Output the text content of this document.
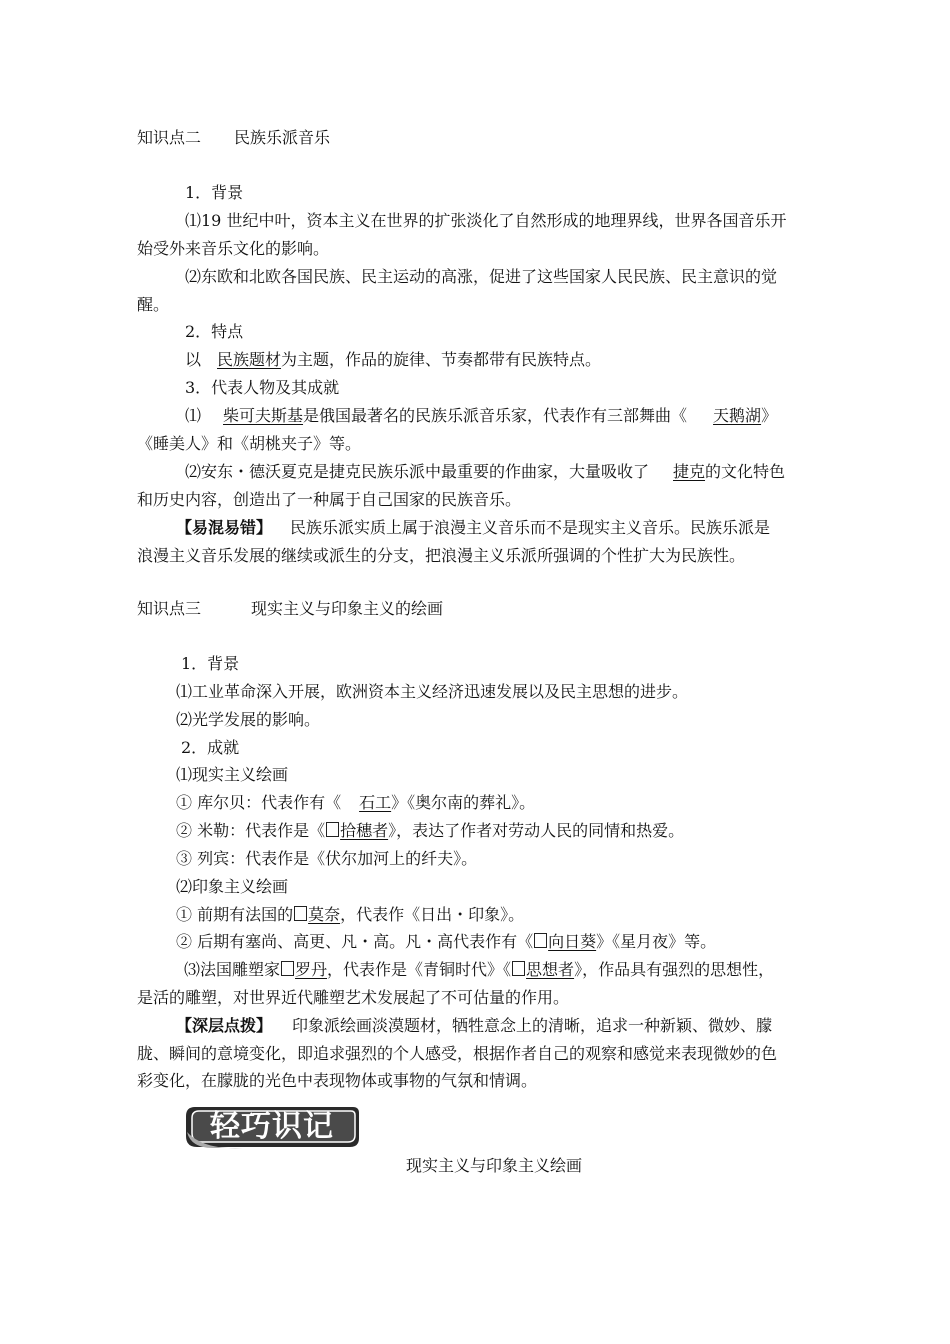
知识点二 民族乐派音乐
1．背景
⑴19 世纪中叶，资本主义在世界的扩张淡化了自然形成的地理界线，世界各国音乐开
始受外来音乐文化的影响。
⑵东欧和北欧各国民族、民主运动的高涨，促进了这些国家人民民族、民主意识的觉
醒。
2．特点
以 民族题材为主题，作品的旋律、节奏都带有民族特点。
3．代表人物及其成就
⑴ 柴可夫斯基是俄国最著名的民族乐派音乐家，代表作有三部舞曲《 天鹅湖》
《睡美人》和《胡桃夹子》等。
⑵安东・德沃夏克是捷克民族乐派中最重要的作曲家，大量吸收了 捷克的文化特色
和历史内容，创造出了一种属于自己国家的民族音乐。
【易混易错】 民族乐派实质上属于浪漫主义音乐而不是现实主义音乐。民族乐派是
浪漫主义音乐发展的继续或派生的分支，把浪漫主义乐派所强调的个性扩大为民族性。
知识点三	现实主义与印象主义的绘画
1．背景
⑴工业革命深入开展，欧洲资本主义经济迅速发展以及民主思想的进步。
⑵光学发展的影响。
2．成就
⑴现实主义绘画
① 库尔贝：代表作有《 石工》《奥尔南的葬礼》。
② 米勒：代表作是《 拾穗者》，表达了作者对劳动人民的同情和热爱。
③ 列宾：代表作是《伏尔加河上的纤夫》。
⑵印象主义绘画
① 前期有法国的 莫奈，代表作《日出・印象》。
② 后期有塞尚、高更、凡・高。凡・高代表作有《 向日葵》《星月夜》等。
⑶法国雕塑家 罗丹，代表作是《青铜时代》《 思想者》，作品具有强烈的思想性，
是活的雕塑，对世界近代雕塑艺术发展起了不可估量的作用。
【深层点拨】 印象派绘画淡漠题材，牺牲意念上的清晰，追求一种新颖、微妙、朦
胧、瞬间的意境变化，即追求强烈的个人感受，根据作者自己的观察和感觉来表现微妙的色
彩变化，在朦胧的光色中表现物体或事物的气氛和情调。
轻巧识记
现实主义与印象主义绘画
